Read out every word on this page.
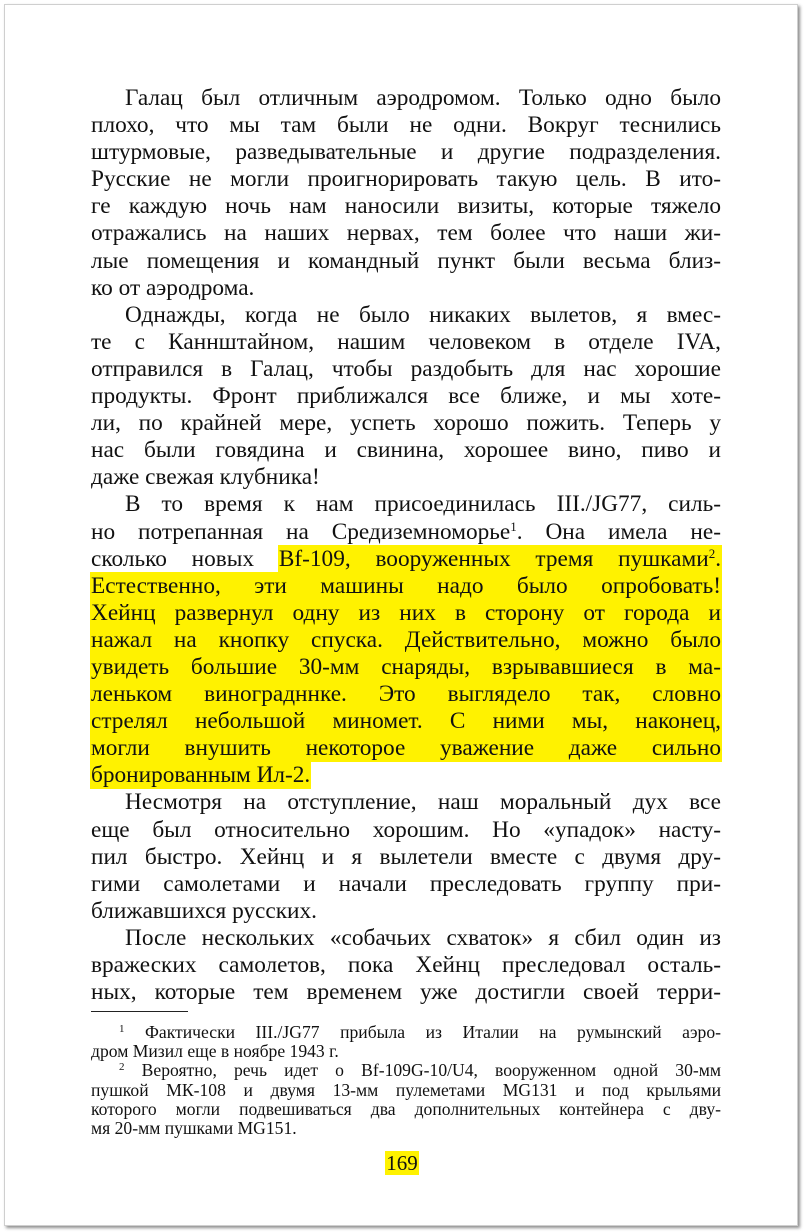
Галац был отличным аэродромом. Только одно было
плохо, что мы там были не одни. Вокруг теснились
штурмовые, разведывательные и другие подразделения.
Русские не могли проигнорировать такую цель. В ито-
ге каждую ночь нам наносили визиты, которые тяжело
отражались на наших нервах, тем более что наши жи-
лые помещения и командный пункт были весьма близ-
ко от аэродрома.
Однажды, когда не было никаких вылетов, я вмес-
те с Каннштайном, нашим человеком в отделе IVA,
отправился в Галац, чтобы раздобыть для нас хорошие
продукты. Фронт приближался все ближе, и мы хоте-
ли, по крайней мере, успеть хорошо пожить. Теперь у
нас были говядина и свинина, хорошее вино, пиво и
даже свежая клубника!
В то время к нам присоединилась III./JG77, силь-
но потрепанная на Средиземноморье$^1$. Она имела не-
сколько новых Bf-109, вооруженных тремя пушками$^2$.
Естественно, эти машины надо было опробовать!
Хейнц развернул одну из них в сторону от города и
нажал на кнопку спуска. Действительно, можно было
увидеть большие 30-мм снаряды, взрывавшиеся в ма-
леньком виноградннке. Это выглядело так, словно
стрелял небольшой миномет. С ними мы, наконец,
могли внушить некоторое уважение даже сильно
бронированным Ил-2.
Несмотря на отступление, наш моральный дух все
еще был относительно хорошим. Но «упадок» насту-
пил быстро. Хейнц и я вылетели вместе с двумя дру-
гими самолетами и начали преследовать группу при-
ближавшихся русских.
После нескольких «собачьих схваток» я сбил один из
вражеских самолетов, пока Хейнц преследовал осталь-
ных, которые тем временем уже достигли своей терри-
$^1$ Фактически III./JG77 прибыла из Италии на румынский аэро-
дром Мизил еще в ноябре 1943 г.
$^2$ Вероятно, речь идет о Bf-109G-10/U4, вооруженном одной 30-мм
пушкой МК-108 и двумя 13-мм пулеметами MG131 и под крыльями
которого могли подвешиваться два дополнительных контейнера с дву-
мя 20-мм пушками MG151.
169
